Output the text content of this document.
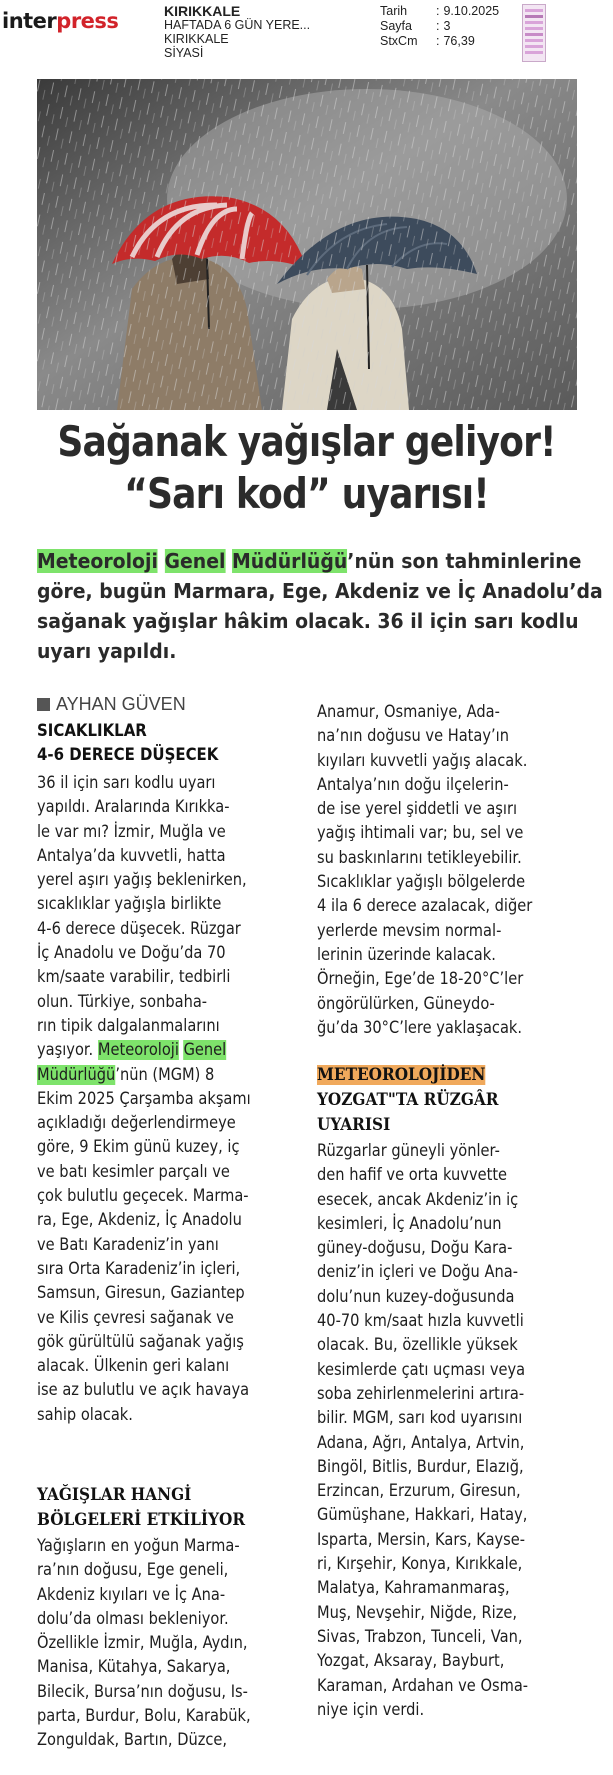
interpress	KIRIKKALE
HAFTADA 6 GÜN YERE...
KIRIKKALE
SİYASİ
Tarih	: 9.10.2025
Sayfa	: 3
StxCm	: 76,39
Sağanak yağışlar geliyor!
“Sarı kod” uyarısı!
Meteoroloji Genel Müdürlüğü’nün son tahminlerine
göre, bugün Marmara, Ege, Akdeniz ve İç Anadolu’da
sağanak yağışlar hâkim olacak. 36 il için sarı kodlu
uyarı yapıldı.
AYHAN GÜVEN
SICAKLIKLAR
4-6 DERECE DÜŞECEK
36 il için sarı kodlu uyarı
yapıldı. Aralarında Kırıkka-
le var mı? İzmir, Muğla ve
Antalya’da kuvvetli, hatta
yerel aşırı yağış beklenirken,
sıcaklıklar yağışla birlikte
4-6 derece düşecek. Rüzgar
İç Anadolu ve Doğu’da 70
km/saate varabilir, tedbirli
olun. Türkiye, sonbaha-
rın tipik dalgalanmalarını
yaşıyor. Meteoroloji Genel
Müdürlüğü’nün (MGM) 8
Ekim 2025 Çarşamba akşamı
açıkladığı değerlendirmeye
göre, 9 Ekim günü kuzey, iç
ve batı kesimler parçalı ve
çok bulutlu geçecek. Marma-
ra, Ege, Akdeniz, İç Anadolu
ve Batı Karadeniz’in yanı
sıra Orta Karadeniz’in içleri,
Samsun, Giresun, Gaziantep
ve Kilis çevresi sağanak ve
gök gürültülü sağanak yağış
alacak. Ülkenin geri kalanı
ise az bulutlu ve açık havaya
sahip olacak.
YAĞIŞLAR HANGİ
BÖLGELERİ ETKİLİYOR
Yağışların en yoğun Marma-
ra’nın doğusu, Ege geneli,
Akdeniz kıyıları ve İç Ana-
dolu’da olması bekleniyor.
Özellikle İzmir, Muğla, Aydın,
Manisa, Kütahya, Sakarya,
Bilecik, Bursa’nın doğusu, Is-
parta, Burdur, Bolu, Karabük,
Zonguldak, Bartın, Düzce,
Anamur, Osmaniye, Ada-
na’nın doğusu ve Hatay’ın
kıyıları kuvvetli yağış alacak.
Antalya’nın doğu ilçelerin-
de ise yerel şiddetli ve aşırı
yağış ihtimali var; bu, sel ve
su baskınlarını tetikleyebilir.
Sıcaklıklar yağışlı bölgelerde
4 ila 6 derece azalacak, diğer
yerlerde mevsim normal-
lerinin üzerinde kalacak.
Örneğin, Ege’de 18-20°C’ler
öngörülürken, Güneydo-
ğu’da 30°C’lere yaklaşacak.
METEOROLOJİDEN
YOZGAT"TA RÜZGÂR
UYARISI
Rüzgarlar güneyli yönler-
den hafif ve orta kuvvette
esecek, ancak Akdeniz’in iç
kesimleri, İç Anadolu’nun
güney-doğusu, Doğu Kara-
deniz’in içleri ve Doğu Ana-
dolu’nun kuzey-doğusunda
40-70 km/saat hızla kuvvetli
olacak. Bu, özellikle yüksek
kesimlerde çatı uçması veya
soba zehirlenmelerini artıra-
bilir. MGM, sarı kod uyarısını
Adana, Ağrı, Antalya, Artvin,
Bingöl, Bitlis, Burdur, Elazığ,
Erzincan, Erzurum, Giresun,
Gümüşhane, Hakkari, Hatay,
Isparta, Mersin, Kars, Kayse-
ri, Kırşehir, Konya, Kırıkkale,
Malatya, Kahramanmaraş,
Muş, Nevşehir, Niğde, Rize,
Sivas, Trabzon, Tunceli, Van,
Yozgat, Aksaray, Bayburt,
Karaman, Ardahan ve Osma-
niye için verdi.
